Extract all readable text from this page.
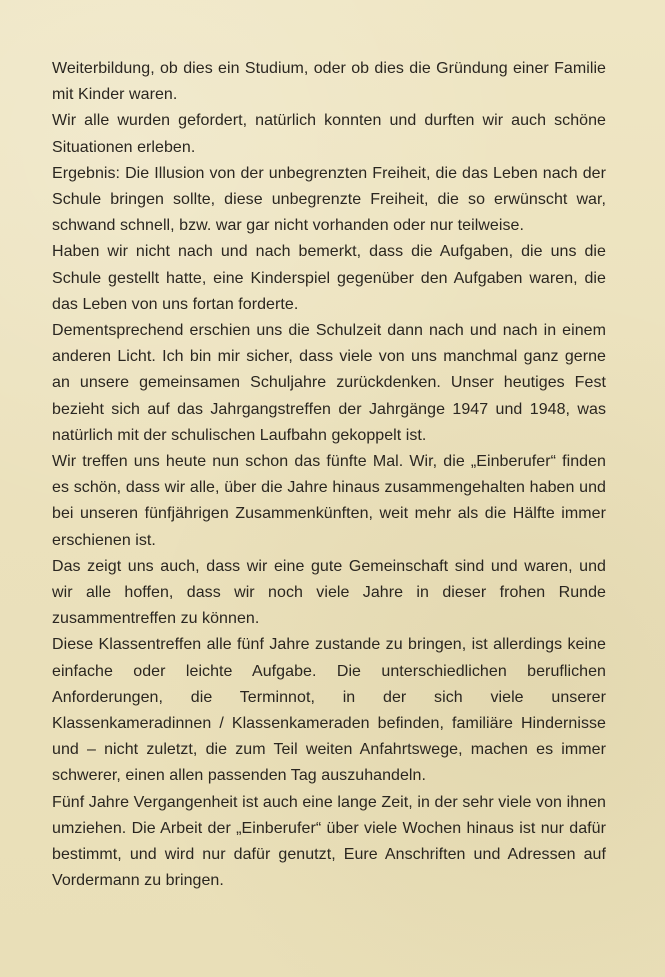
Weiterbildung, ob dies ein Studium, oder ob dies die Gründung einer Familie mit Kinder waren.

Wir alle wurden gefordert, natürlich konnten und durften wir auch schöne Situationen erleben.

Ergebnis: Die Illusion von der unbegrenzten Freiheit, die das Leben nach der Schule bringen sollte, diese unbegrenzte Freiheit, die so erwünscht war, schwand schnell, bzw. war gar nicht vorhanden oder nur teilweise.

Haben wir nicht nach und nach bemerkt, dass die Aufgaben, die uns die Schule gestellt hatte, eine Kinderspiel gegenüber den Aufgaben waren, die das Leben von uns fortan forderte.

Dementsprechend erschien uns die Schulzeit dann nach und nach in einem anderen Licht. Ich bin mir sicher, dass viele von uns manchmal ganz gerne an unsere gemeinsamen Schuljahre zurückdenken. Unser heutiges Fest bezieht sich auf das Jahrgangstreffen der Jahrgänge 1947 und 1948, was natürlich mit der schulischen Laufbahn gekoppelt ist.

Wir treffen uns heute nun schon das fünfte Mal. Wir, die „Einberufer“ finden es schön, dass wir alle, über die Jahre hinaus zusammengehalten haben und bei unseren fünfjährigen Zusammenkünften, weit mehr als die Hälfte immer erschienen ist.

Das zeigt uns auch, dass wir eine gute Gemeinschaft sind und waren, und wir alle hoffen, dass wir noch viele Jahre in dieser frohen Runde zusammentreffen zu können.

Diese Klassentreffen alle fünf Jahre zustande zu bringen, ist allerdings keine einfache oder leichte Aufgabe. Die unterschiedlichen beruflichen Anforderungen, die Terminnot, in der sich viele unserer Klassenkameradinnen / Klassenkameraden befinden, familiäre Hindernisse und – nicht zuletzt, die zum Teil weiten Anfahrtswege, machen es immer schwerer, einen allen passenden Tag auszuhandeln.

Fünf Jahre Vergangenheit ist auch eine lange Zeit, in der sehr viele von ihnen umziehen. Die Arbeit der „Einberufer“ über viele Wochen hinaus ist nur dafür bestimmt, und wird nur dafür genutzt, Eure Anschriften und Adressen auf Vordermann zu bringen.
